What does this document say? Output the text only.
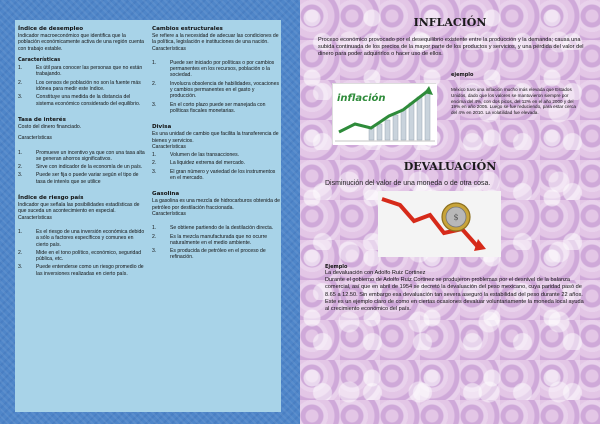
Índice de desempleo
Indicador macroeconómico que identifica que la población económicamente activa de una región cuenta con trabajo estable.
Características
1.	Es útil para conocer las personas que no están trabajando.
2.	Los censos de población no son la fuente más idónea para medir este índice.
3.	Constituye una medida de la distancia del sistema económico considerado del equilibrio.
Tasa de interés
Costo del dinero financiado.
Características
1.	Promueve un incentivo ya que con una tasa alta se generan ahorros significativos.
2.	Sirve con indicador de la economía de un país.
3.	Puede ser fija o puede variar según el tipo de tasa de interés que se utilice
Índice de riesgo país
Indicador que señala las posibilidades estadísticas de que suceda un acontecimiento en especial.
Características
1.	Es el riesgo de una inversión económica debido a sólo a factores específicos y comunes en cierto país.
2.	Mide en el tono político, económico, seguridad pública, etc.
3.	Puede entenderse como un riesgo promedio de las inversiones realizadas en cierto país.
Cambios estructurales
Se refiere a la necesidad de adecuar las condiciones de la política, legislación e instituciones de una nación.
Características
1.	Puede ser iniciado por políticas o por cambios permanentes en los recursos, población o la sociedad.
2.	Involucra obsolencia de habilidades, vocaciones y cambios permanentes en el gasto y producción.
3.	En el corto plazo puede ser manejada con políticas fiscales monetarias.
Divisa
Es una unidad de cambio que facilita la transferencia de bienes y servicios.
Características
1.	Volumen de las transacciones.
2.	La liquidez extrema del mercado.
3.	El gran número y variedad de los instrumentos en el mercado.
Gasolina
La gasolina es una mezcla de hidrocarburos obtenida de petróleo por destilación fraccionada.
Características
1.	Se obtiene partiendo de la destilación directa.
2.	Es la mezcla manufacturada que no ocurre naturalmente en el medio ambiente.
3.	Es producida de petróleo en el proceso de refinación.
INFLACIÓN
Proceso económico provocado por el desequilibrio existente entre la producción y la demanda; causa una subida continuada de los precios de la mayor parte de los productos y servicios, y una pérdida del valor del dinero para poder adquirirlos o hacer uso de ellos.
ejemplo
inflación
México tuvo una inflación mucho más elevada que Estados Unidos, dado que los valores se mantuvieron siempre por encima del 4%, con dos picos, del 12% en el año 2000 y del 19% en año 2005. Luego se fue reduciendo, para estar cerca del 4% en 2010. La volatilidad fue elevada.
DEVALUACIÓN
Disminución del valor de una moneda o de otra cosa.
$
Ejemplo
La devaluación con Adolfo Ruiz Cortinez
Durante el gobierno de Adolfo Ruiz Cortinez se produjeron problemas por el desnivel de la balanza comercial, así que en abril de 1954 se decretó la devaluación del peso mexicano, cuya paridad pasó de 8.65 a 12.50. Sin embargo esa devaluación tan severa aseguró la estabilidad del peso durante 22 años. Este es un ejemplo claro de como en ciertas ocasiones devaluar voluntariamente la moneda local ayuda al crecimiento económico del país.
